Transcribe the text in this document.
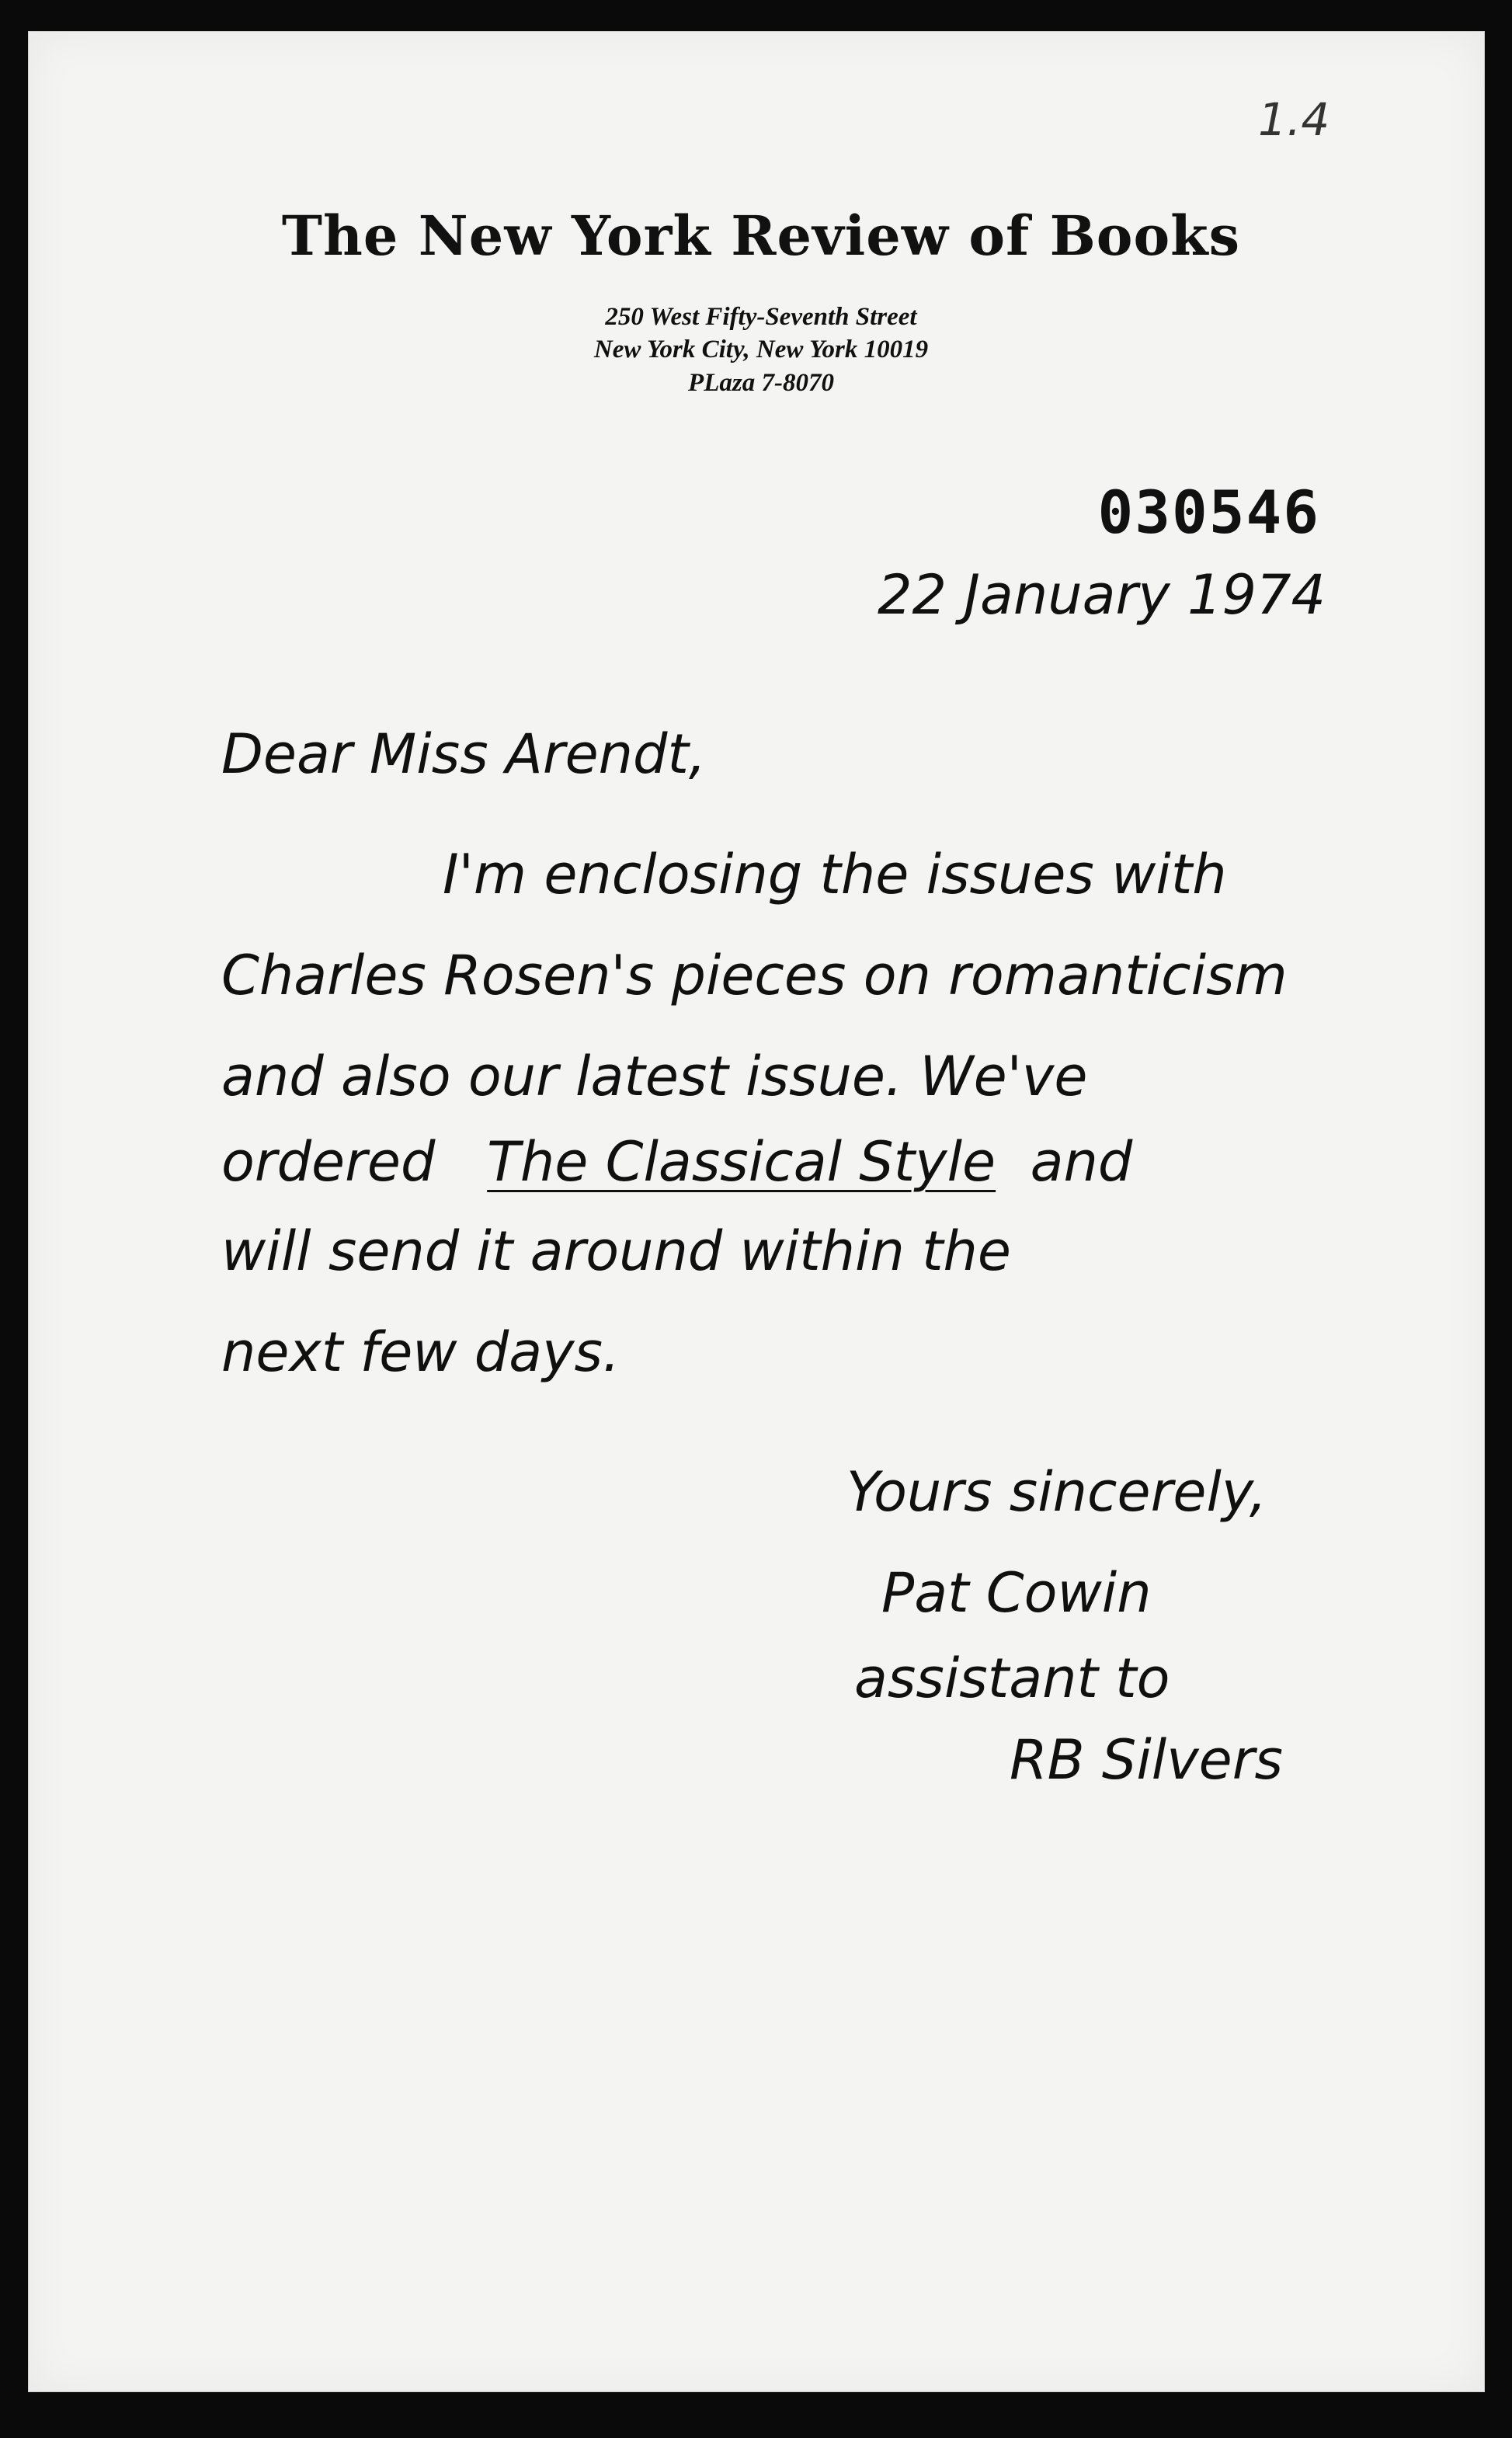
1.4
The New York Review of Books
250 West Fifty-Seventh Street
New York City, New York 10019
PLaza 7-8070
030546
22 January 1974
Dear Miss Arendt,
I'm enclosing the issues with
Charles Rosen's pieces on romanticism
and also our latest issue. We've
ordered The Classical Style and
will send it around within the
next few days.
Yours sincerely,
Pat Cowin
assistant to
RB Silvers
